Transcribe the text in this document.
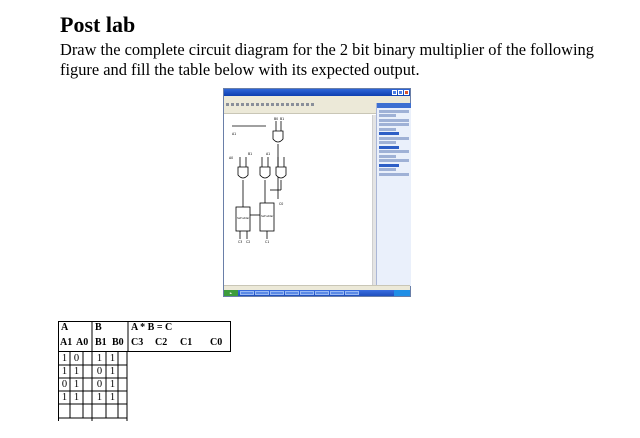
Post lab
Draw the complete circuit diagram for the 2 bit binary multiplier of the following figure and fill the table below with its expected output.
B0 B1
A1
A0
A1
B1
C0
C3 C2	C1
half adder
half adder
►
A	B	A * B = C
A1 A0 B1 B0 C3 C2 C1 C0
1 0 1 1
1 1 0 1
0 1 0 1
1 1 1 1
